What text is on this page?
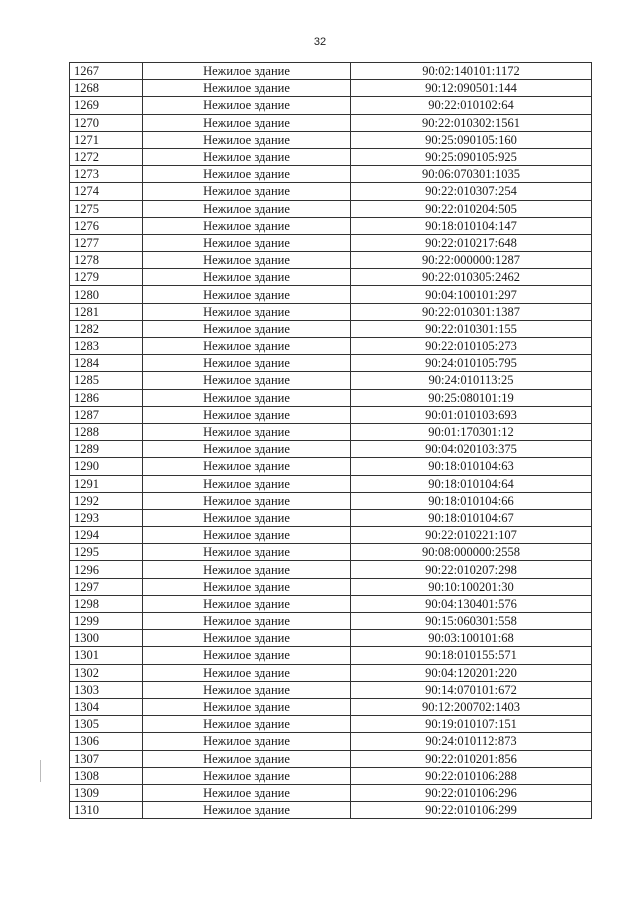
32
1267	Нежилое здание	90:02:140101:1172
1268	Нежилое здание	90:12:090501:144
1269	Нежилое здание	90:22:010102:64
1270	Нежилое здание	90:22:010302:1561
1271	Нежилое здание	90:25:090105:160
1272	Нежилое здание	90:25:090105:925
1273	Нежилое здание	90:06:070301:1035
1274	Нежилое здание	90:22:010307:254
1275	Нежилое здание	90:22:010204:505
1276	Нежилое здание	90:18:010104:147
1277	Нежилое здание	90:22:010217:648
1278	Нежилое здание	90:22:000000:1287
1279	Нежилое здание	90:22:010305:2462
1280	Нежилое здание	90:04:100101:297
1281	Нежилое здание	90:22:010301:1387
1282	Нежилое здание	90:22:010301:155
1283	Нежилое здание	90:22:010105:273
1284	Нежилое здание	90:24:010105:795
1285	Нежилое здание	90:24:010113:25
1286	Нежилое здание	90:25:080101:19
1287	Нежилое здание	90:01:010103:693
1288	Нежилое здание	90:01:170301:12
1289	Нежилое здание	90:04:020103:375
1290	Нежилое здание	90:18:010104:63
1291	Нежилое здание	90:18:010104:64
1292	Нежилое здание	90:18:010104:66
1293	Нежилое здание	90:18:010104:67
1294	Нежилое здание	90:22:010221:107
1295	Нежилое здание	90:08:000000:2558
1296	Нежилое здание	90:22:010207:298
1297	Нежилое здание	90:10:100201:30
1298	Нежилое здание	90:04:130401:576
1299	Нежилое здание	90:15:060301:558
1300	Нежилое здание	90:03:100101:68
1301	Нежилое здание	90:18:010155:571
1302	Нежилое здание	90:04:120201:220
1303	Нежилое здание	90:14:070101:672
1304	Нежилое здание	90:12:200702:1403
1305	Нежилое здание	90:19:010107:151
1306	Нежилое здание	90:24:010112:873
1307	Нежилое здание	90:22:010201:856
1308	Нежилое здание	90:22:010106:288
1309	Нежилое здание	90:22:010106:296
1310	Нежилое здание	90:22:010106:299
